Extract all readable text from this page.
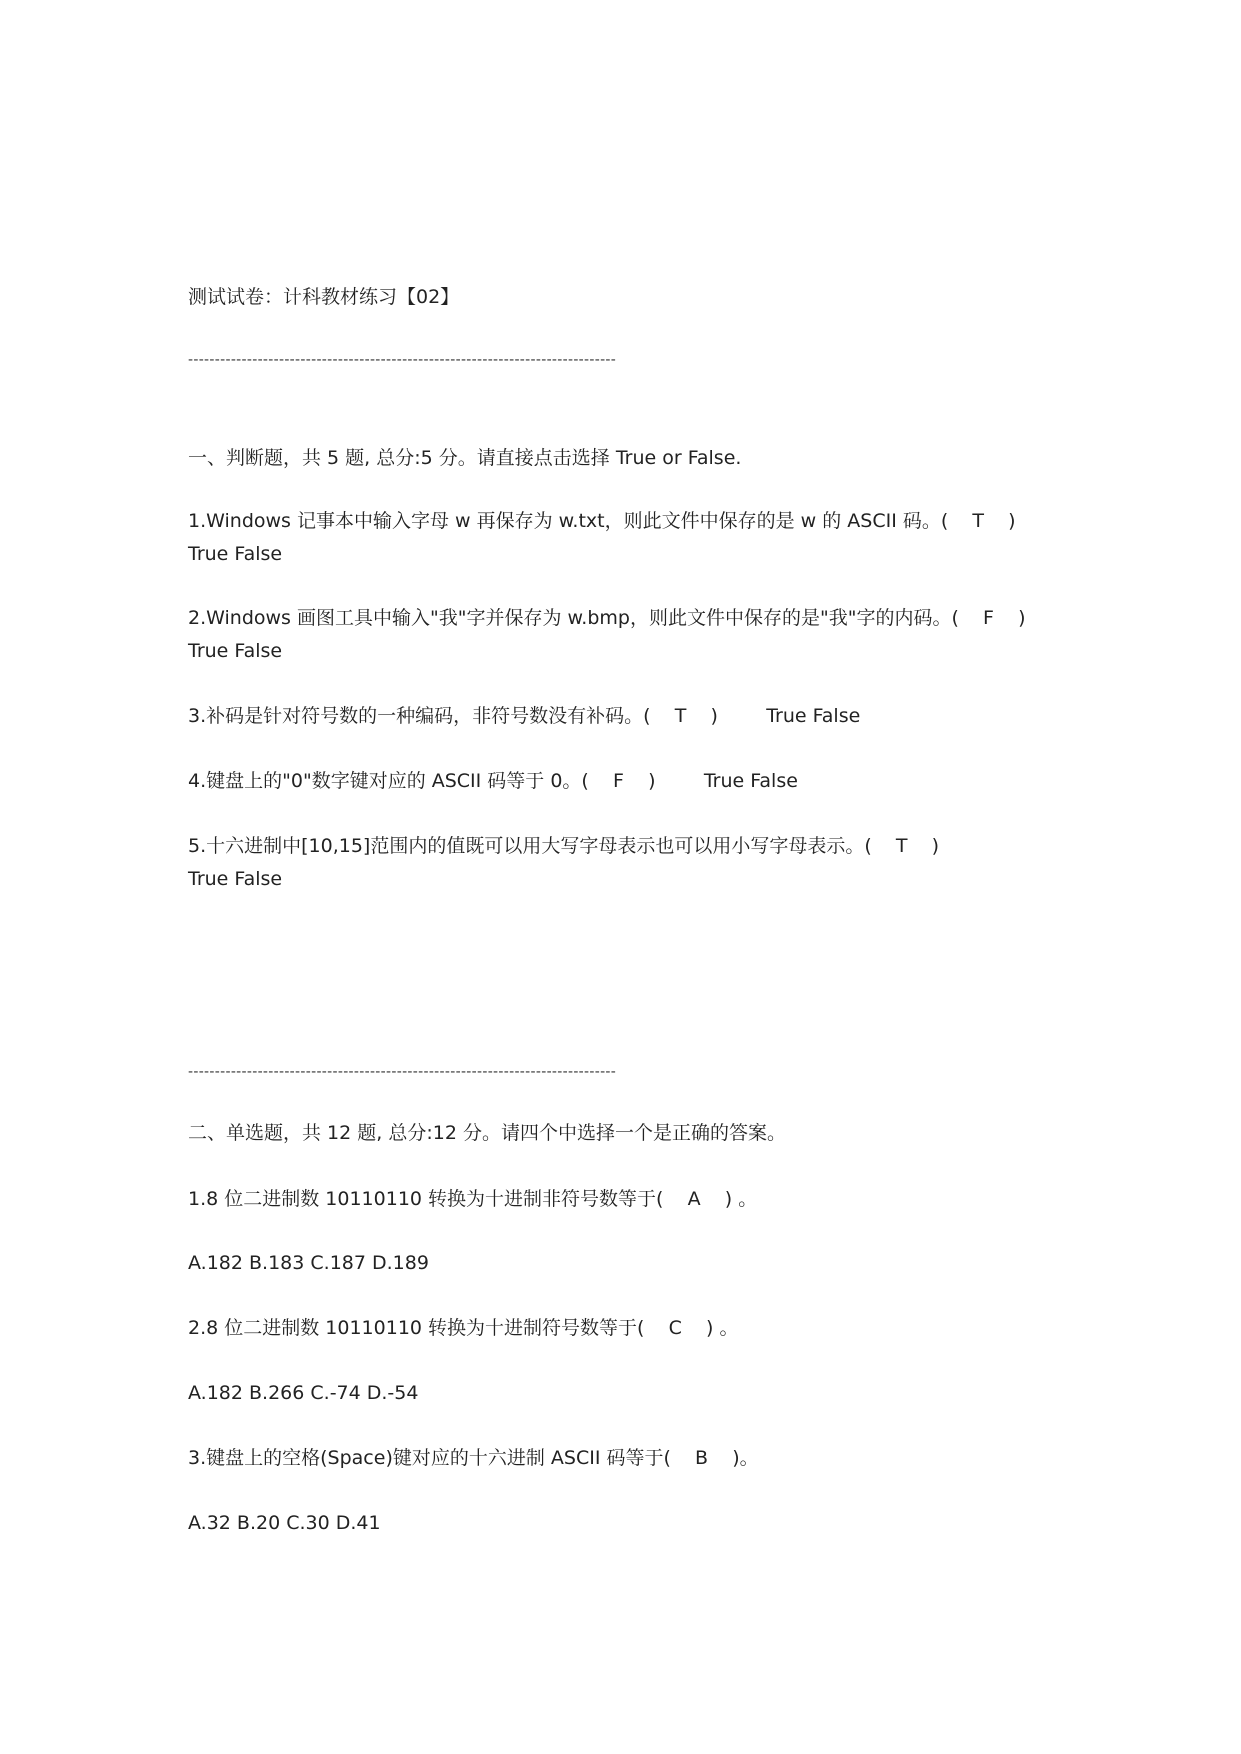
测试试卷：计科教材练习【02】
--------------------------------------------------------------------------------
一、判断题，共 5 题, 总分:5 分。请直接点击选择 True or False.
1.Windows 记事本中输入字母 w 再保存为 w.txt，则此文件中保存的是 w 的 ASCII 码。(    T    )
True False
2.Windows 画图工具中输入"我"字并保存为 w.bmp，则此文件中保存的是"我"字的内码。(    F    )
True False
3.补码是针对符号数的一种编码，非符号数没有补码。(    T    )        True False
4.键盘上的"0"数字键对应的 ASCII 码等于 0。(    F    )        True False
5.十六进制中[10,15]范围内的值既可以用大写字母表示也可以用小写字母表示。(    T    )
True False
--------------------------------------------------------------------------------
二、单选题，共 12 题, 总分:12 分。请四个中选择一个是正确的答案。
1.8 位二进制数 10110110 转换为十进制非符号数等于(    A    ) 。
A.182 B.183 C.187 D.189
2.8 位二进制数 10110110 转换为十进制符号数等于(    C    ) 。
A.182 B.266 C.-74 D.-54
3.键盘上的空格(Space)键对应的十六进制 ASCII 码等于(    B    )。
A.32 B.20 C.30 D.41
